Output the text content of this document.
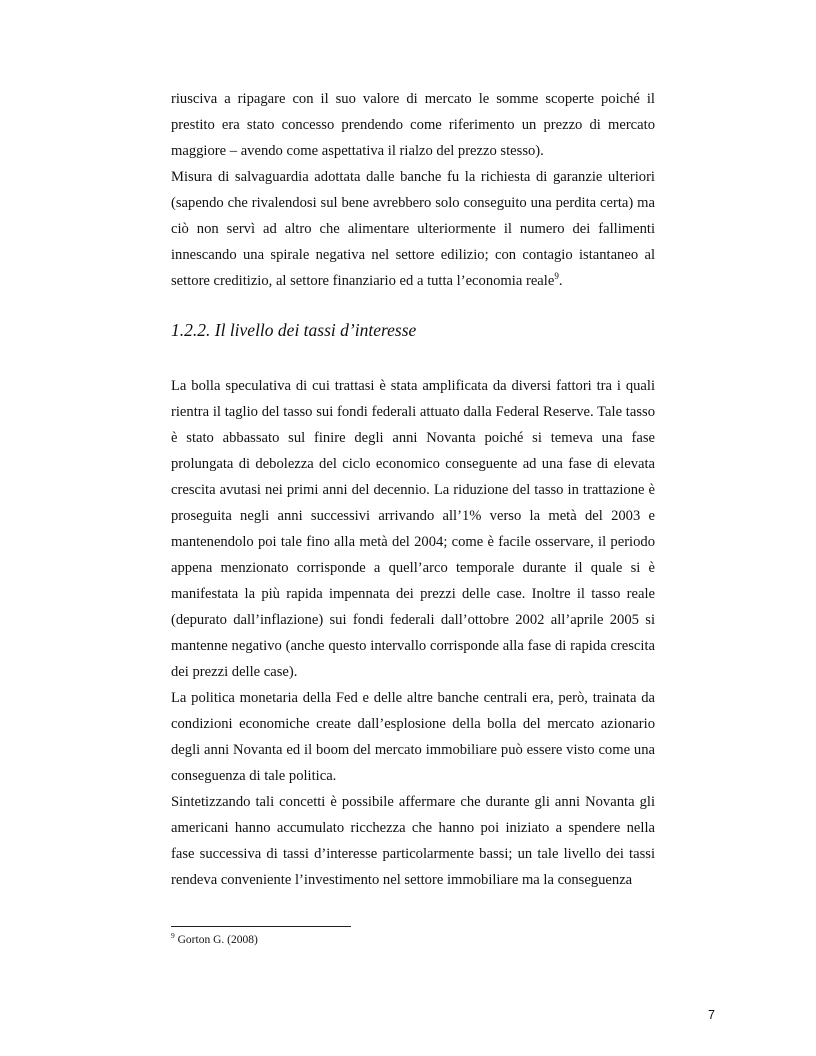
riusciva a ripagare con il suo valore di mercato le somme scoperte poiché il prestito era stato concesso prendendo come riferimento un prezzo di mercato maggiore – avendo come aspettativa il rialzo del prezzo stesso).

Misura di salvaguardia adottata dalle banche fu la richiesta di garanzie ulteriori (sapendo che rivalendosi sul bene avrebbero solo conseguito una perdita certa) ma ciò non servì ad altro che alimentare ulteriormente il numero dei fallimenti innescando una spirale negativa nel settore edilizio; con contagio istantaneo al settore creditizio, al settore finanziario ed a tutta l’economia reale$^9$.

1.2.2. Il livello dei tassi d’interesse

La bolla speculativa di cui trattasi è stata amplificata da diversi fattori tra i quali rientra il taglio del tasso sui fondi federali attuato dalla Federal Reserve. Tale tasso è stato abbassato sul finire degli anni Novanta poiché si temeva una fase prolungata di debolezza del ciclo economico conseguente ad una fase di elevata crescita avutasi nei primi anni del decennio. La riduzione del tasso in trattazione è proseguita negli anni successivi arrivando all’1% verso la metà del 2003 e mantenendolo poi tale fino alla metà del 2004; come è facile osservare, il periodo appena menzionato corrisponde a quell’arco temporale durante il quale si è manifestata la più rapida impennata dei prezzi delle case. Inoltre il tasso reale (depurato dall’inflazione) sui fondi federali dall’ottobre 2002 all’aprile 2005 si mantenne negativo (anche questo intervallo corrisponde alla fase di rapida crescita dei prezzi delle case).

La politica monetaria della Fed e delle altre banche centrali era, però, trainata da condizioni economiche create dall’esplosione della bolla del mercato azionario degli anni Novanta ed il boom del mercato immobiliare può essere visto come una conseguenza di tale politica.

Sintetizzando tali concetti è possibile affermare che durante gli anni Novanta gli americani hanno accumulato ricchezza che hanno poi iniziato a spendere nella fase successiva di tassi d’interesse particolarmente bassi; un tale livello dei tassi rendeva conveniente l’investimento nel settore immobiliare ma la conseguenza

$^9$ Gorton G. (2008)

7
